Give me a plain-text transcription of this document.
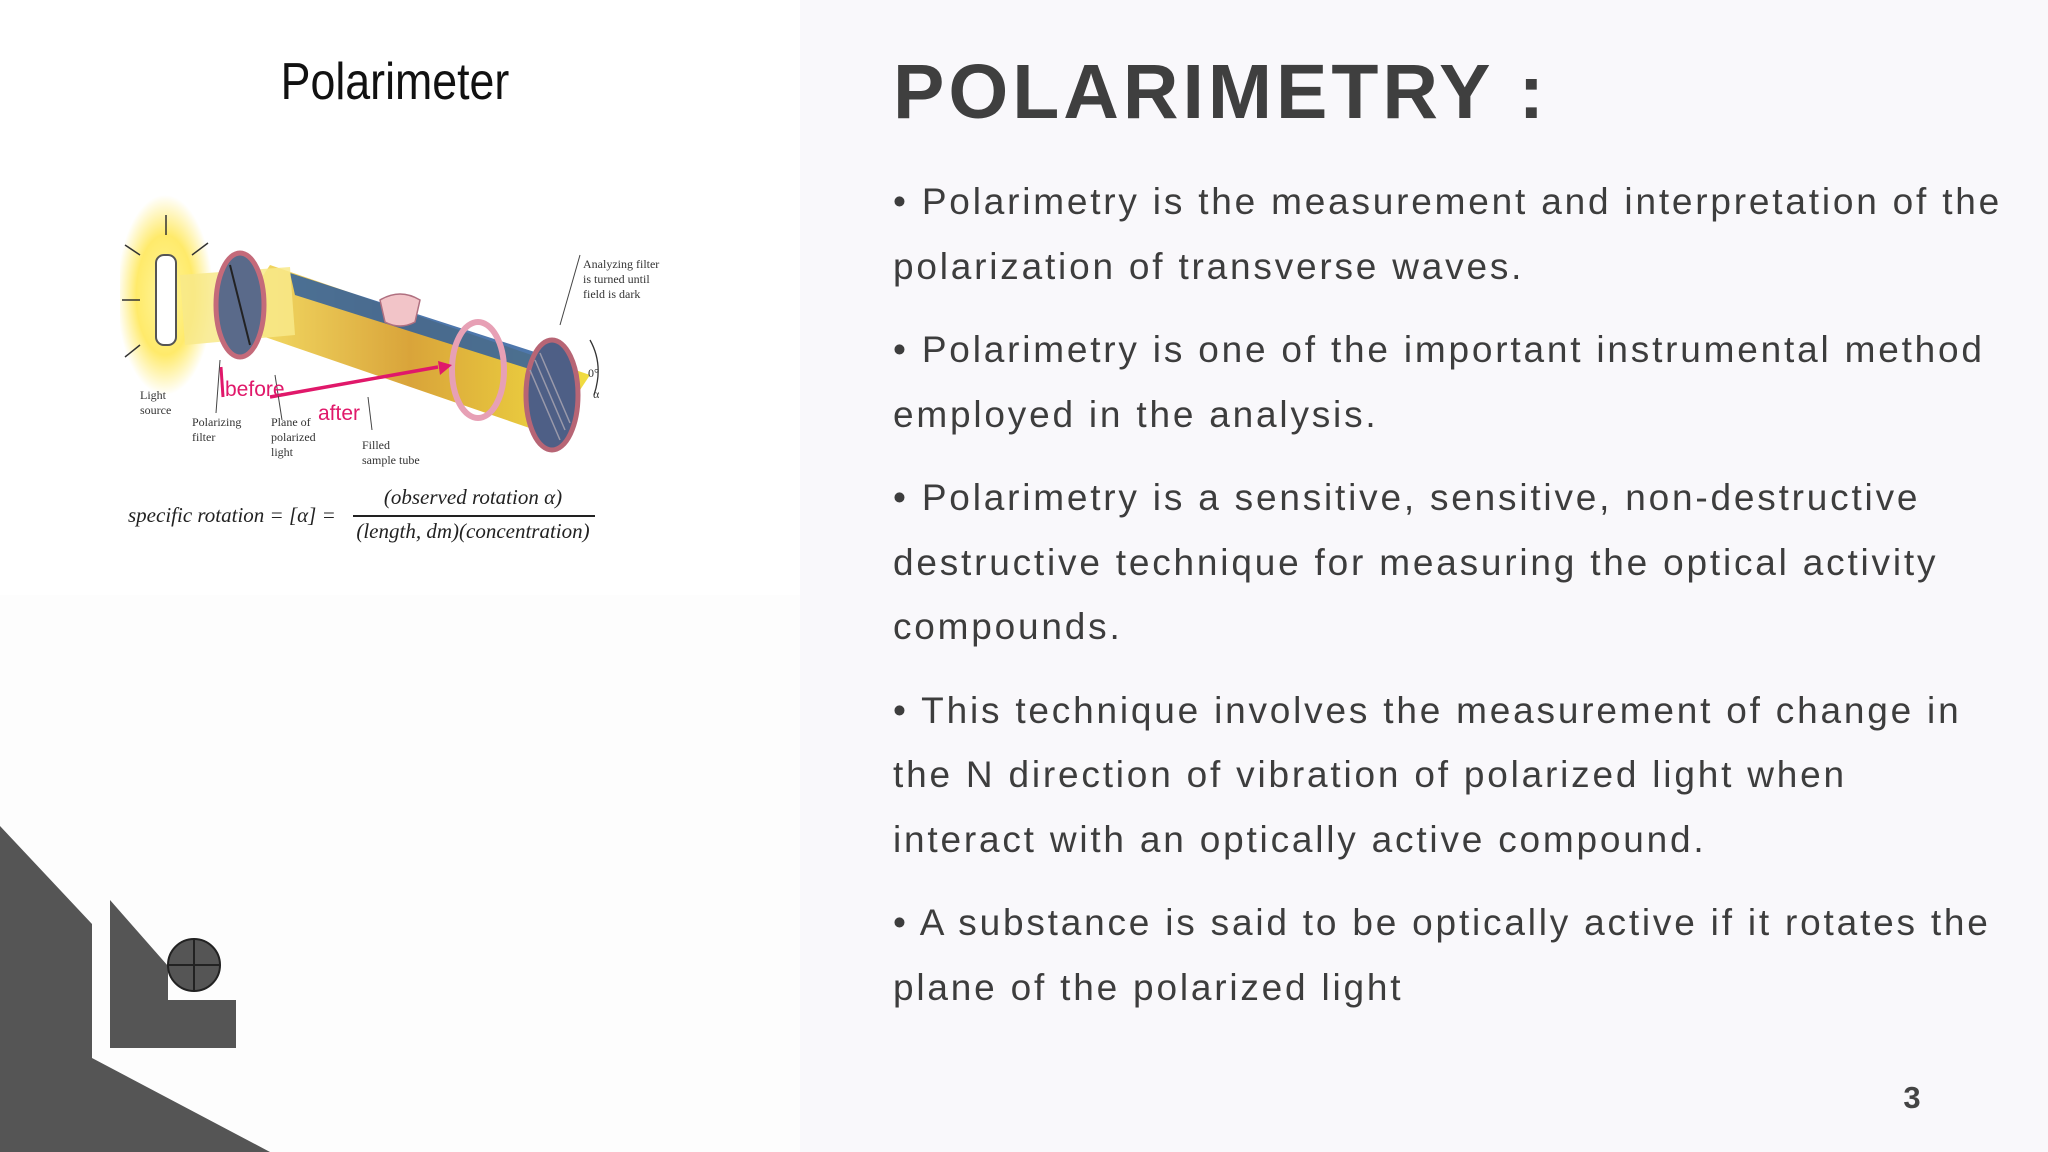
Polarimeter
Light
source
Polarizing
filter
Plane of
polarized
light	Filled
sample tube
Analyzing filter
is turned until
field is dark
before
after
0°
α
specific rotation = [α] =
(observed rotation α)
(length, dm)(concentration)
POLARIMETRY :

• Polarimetry is the measurement and interpretation of the polarization of transverse waves.

• Polarimetry is one of the important instrumental method employed in the analysis.

• Polarimetry is a sensitive, sensitive, non-destructive destructive technique for measuring the optical activity compounds.

• This technique involves the measurement of change in the N direction of vibration of polarized light when interact with an optically active compound.

• A substance is said to be optically active if it rotates the plane of the polarized light

3
